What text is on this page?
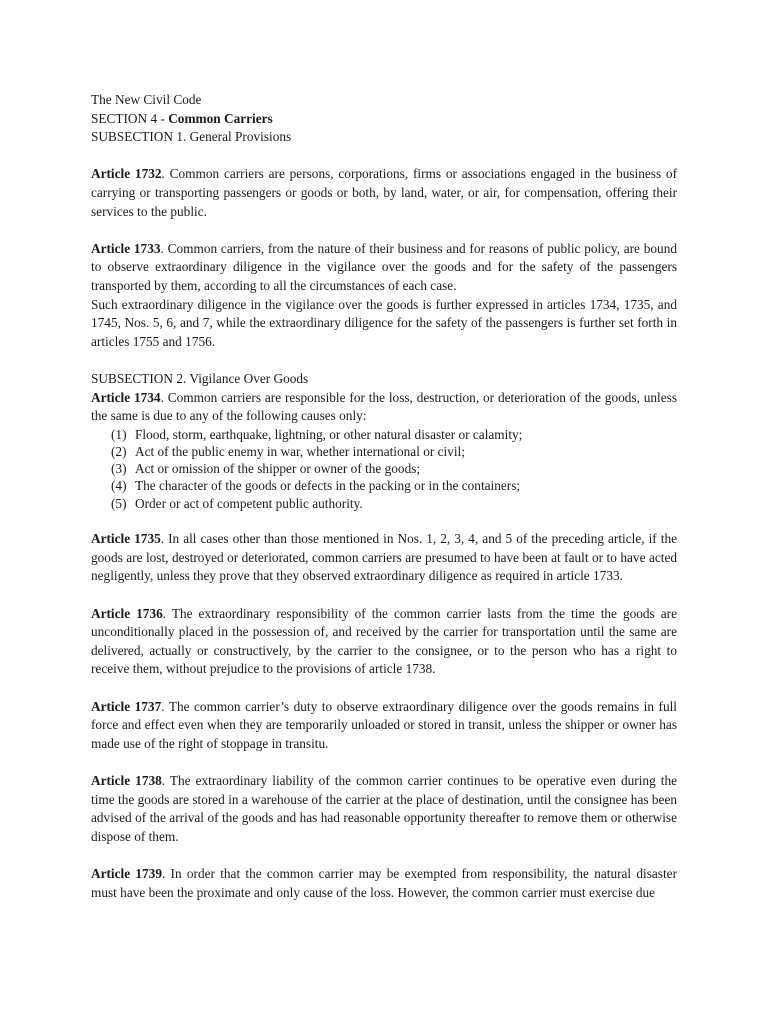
The New Civil Code

SECTION 4 - Common Carriers

SUBSECTION 1. General Provisions

Article 1732. Common carriers are persons, corporations, firms or associations engaged in the business of carrying or transporting passengers or goods or both, by land, water, or air, for compensation, offering their services to the public.

Article 1733. Common carriers, from the nature of their business and for reasons of public policy, are bound to observe extraordinary diligence in the vigilance over the goods and for the safety of the passengers transported by them, according to all the circumstances of each case.

Such extraordinary diligence in the vigilance over the goods is further expressed in articles 1734, 1735, and 1745, Nos. 5, 6, and 7, while the extraordinary diligence for the safety of the passengers is further set forth in articles 1755 and 1756.

SUBSECTION 2. Vigilance Over Goods

Article 1734. Common carriers are responsible for the loss, destruction, or deterioration of the goods, unless the same is due to any of the following causes only:

(1) Flood, storm, earthquake, lightning, or other natural disaster or calamity;
(2) Act of the public enemy in war, whether international or civil;
(3) Act or omission of the shipper or owner of the goods;
(4) The character of the goods or defects in the packing or in the containers;
(5) Order or act of competent public authority.

Article 1735. In all cases other than those mentioned in Nos. 1, 2, 3, 4, and 5 of the preceding article, if the goods are lost, destroyed or deteriorated, common carriers are presumed to have been at fault or to have acted negligently, unless they prove that they observed extraordinary diligence as required in article 1733.

Article 1736. The extraordinary responsibility of the common carrier lasts from the time the goods are unconditionally placed in the possession of, and received by the carrier for transportation until the same are delivered, actually or constructively, by the carrier to the consignee, or to the person who has a right to receive them, without prejudice to the provisions of article 1738.

Article 1737. The common carrier’s duty to observe extraordinary diligence over the goods remains in full force and effect even when they are temporarily unloaded or stored in transit, unless the shipper or owner has made use of the right of stoppage in transitu.

Article 1738. The extraordinary liability of the common carrier continues to be operative even during the time the goods are stored in a warehouse of the carrier at the place of destination, until the consignee has been advised of the arrival of the goods and has had reasonable opportunity thereafter to remove them or otherwise dispose of them.

Article 1739. In order that the common carrier may be exempted from responsibility, the natural disaster must have been the proximate and only cause of the loss. However, the common carrier must exercise due
